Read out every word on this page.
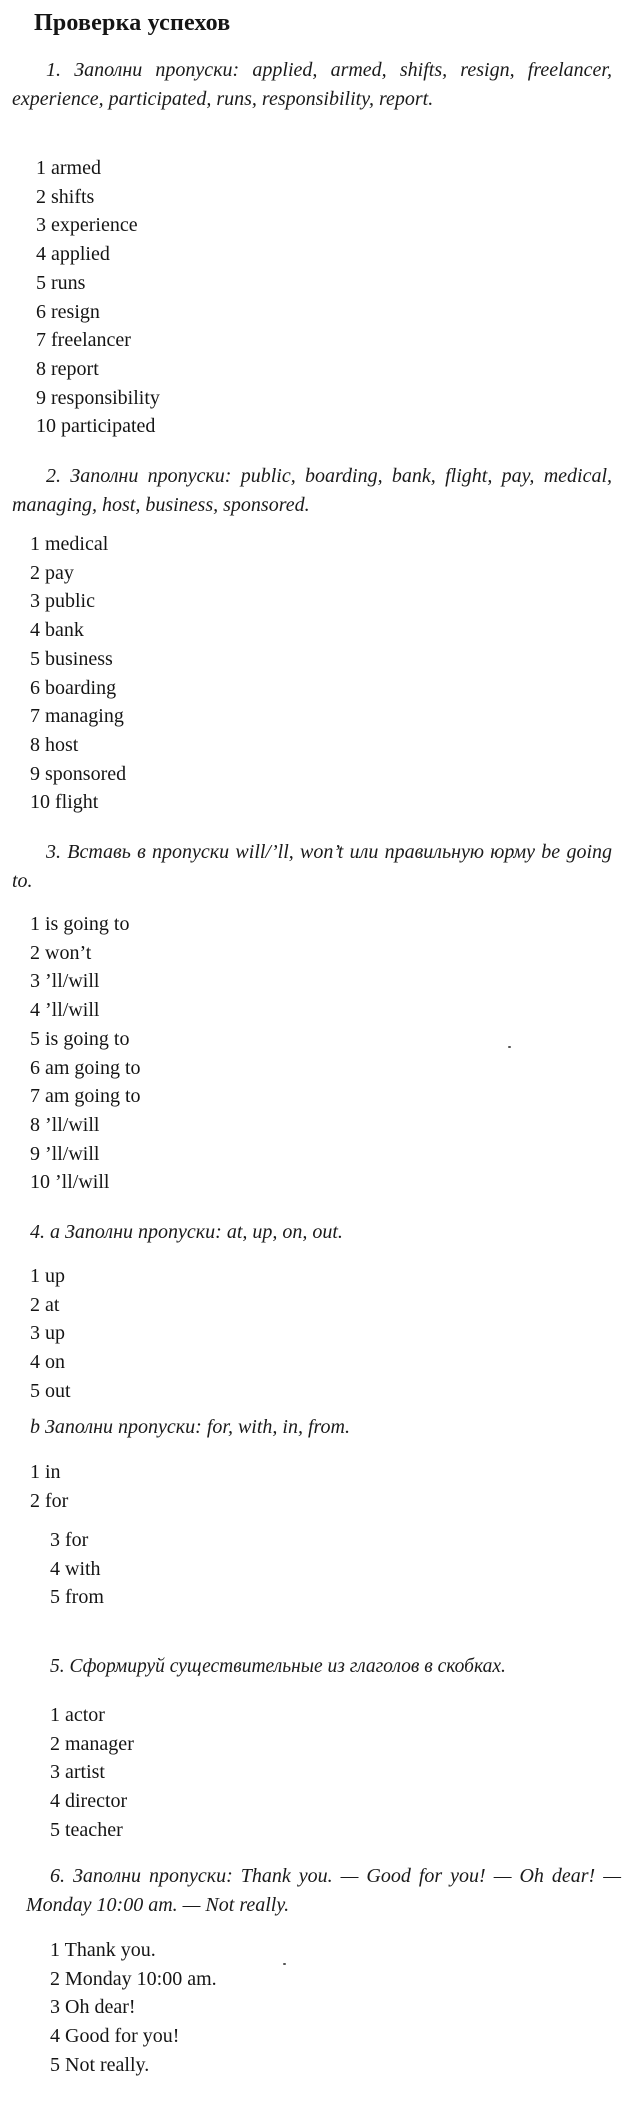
Проверка успехов
1. Заполни пропуски: applied, armed, shifts, resign, freelancer, experience, participated, runs, responsibility, report.
1 armed
2 shifts
3 experience
4 applied
5 runs
6 resign
7 freelancer
8 report
9 responsibility
10 participated
2. Заполни пропуски: public, boarding, bank, flight, pay, medical, managing, host, business, sponsored.
1 medical
2 pay
3 public
4 bank
5 business
6 boarding
7 managing
8 host
9 sponsored
10 flight
3. Вставь в пропуски will/’ll, won’t или правильную юрму be going to.
1 is going to
2 won’t
3 ’ll/will
4 ’ll/will
5 is going to
6 am going to
7 am going to
8 ’ll/will
9 ’ll/will
10 ’ll/will
4. a Заполни пропуски: at, up, on, out.
1 up
2 at
3 up
4 on
5 out
b Заполни пропуски: for, with, in, from.
1 in
2 for
3 for
4 with
5 from
5. Сформируй существительные из глаголов в скобках.
1 actor
2 manager
3 artist
4 director
5 teacher
6. Заполни пропуски: Thank you. — Good for you! — Oh dear! — Monday 10:00 am. — Not really.
1 Thank you.
2 Monday 10:00 am.
3 Oh dear!
4 Good for you!
5 Not really.
